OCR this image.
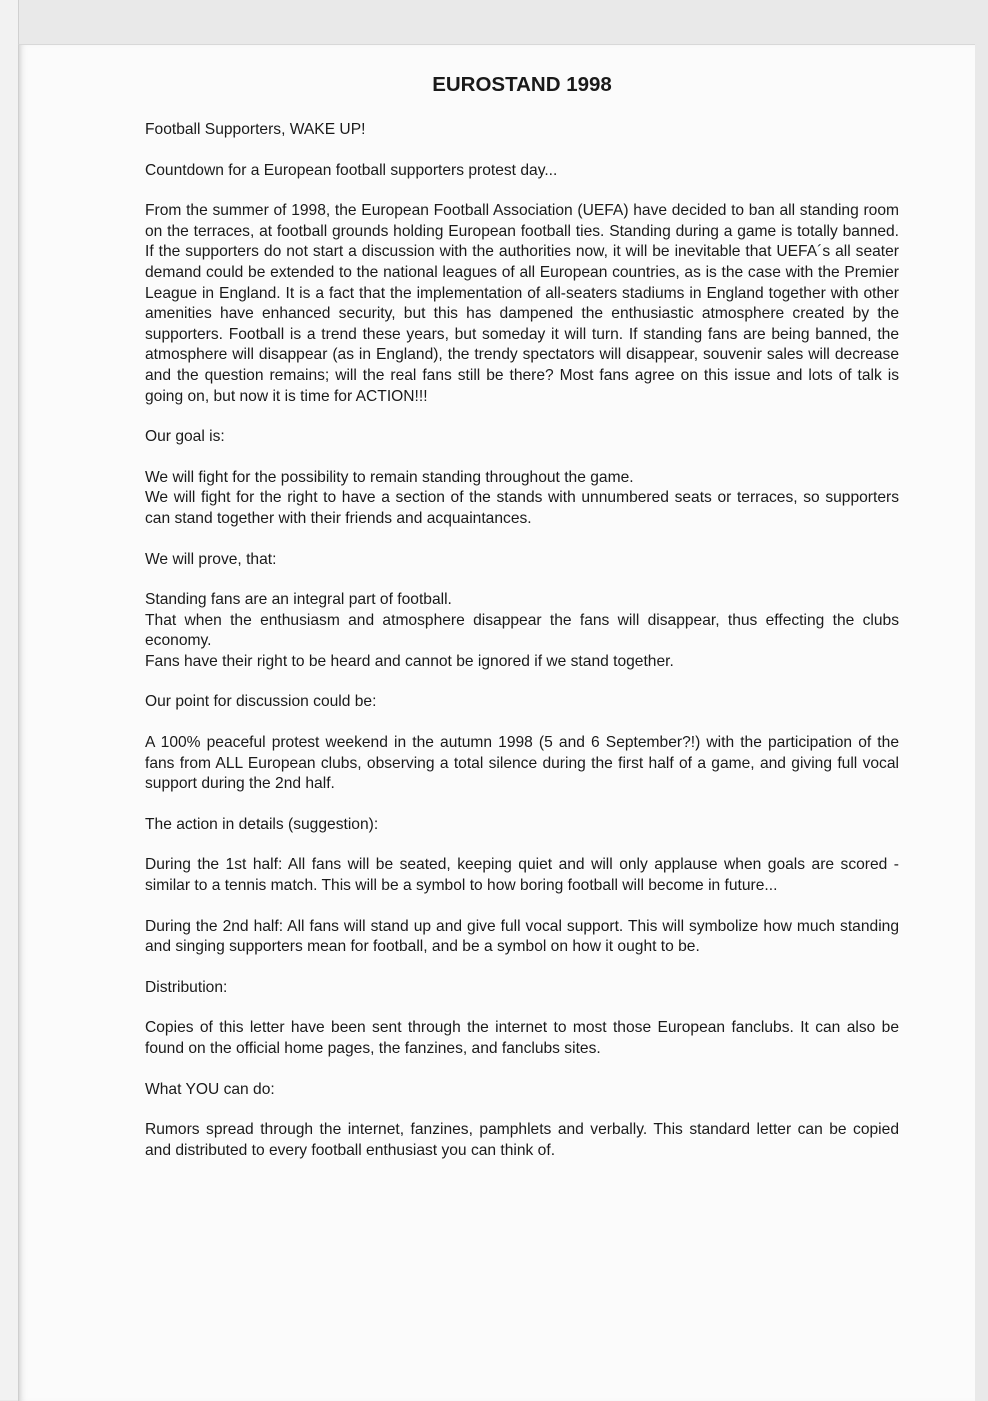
EUROSTAND 1998

Football Supporters, WAKE UP!

Countdown for a European football supporters protest day...

From the summer of 1998, the European Football Association (UEFA) have decided to ban all standing room on the terraces, at football grounds holding European football ties. Standing during a game is totally banned. If the supporters do not start a discussion with the authorities now, it will be inevitable that UEFA´s all seater demand could be extended to the national leagues of all European countries, as is the case with the Premier League in England. It is a fact that the implementation of all-seaters stadiums in England together with other amenities have enhanced security, but this has dampened the enthusiastic atmosphere created by the supporters. Football is a trend these years, but someday it will turn. If standing fans are being banned, the atmosphere will disappear (as in England), the trendy spectators will disappear, souvenir sales will decrease and the question remains; will the real fans still be there? Most fans agree on this issue and lots of talk is going on, but now it is time for ACTION!!!

Our goal is:

We will fight for the possibility to remain standing throughout the game.

We will fight for the right to have a section of the stands with unnumbered seats or terraces, so supporters can stand together with their friends and acquaintances.

We will prove, that:

Standing fans are an integral part of football.

That when the enthusiasm and atmosphere disappear the fans will disappear, thus effecting the clubs economy.

Fans have their right to be heard and cannot be ignored if we stand together.

Our point for discussion could be:

A 100% peaceful protest weekend in the autumn 1998 (5 and 6 September?!) with the participation of the fans from ALL European clubs, observing a total silence during the first half of a game, and giving full vocal support during the 2nd half.

The action in details (suggestion):

During the 1st half: All fans will be seated, keeping quiet and will only applause when goals are scored - similar to a tennis match. This will be a symbol to how boring football will become in future...

During the 2nd half: All fans will stand up and give full vocal support. This will symbolize how much standing and singing supporters mean for football, and be a symbol on how it ought to be.

Distribution:

Copies of this letter have been sent through the internet to most those European fanclubs. It can also be found on the official home pages, the fanzines, and fanclubs sites.

What YOU can do:

Rumors spread through the internet, fanzines, pamphlets and verbally. This standard letter can be copied and distributed to every football enthusiast you can think of.
